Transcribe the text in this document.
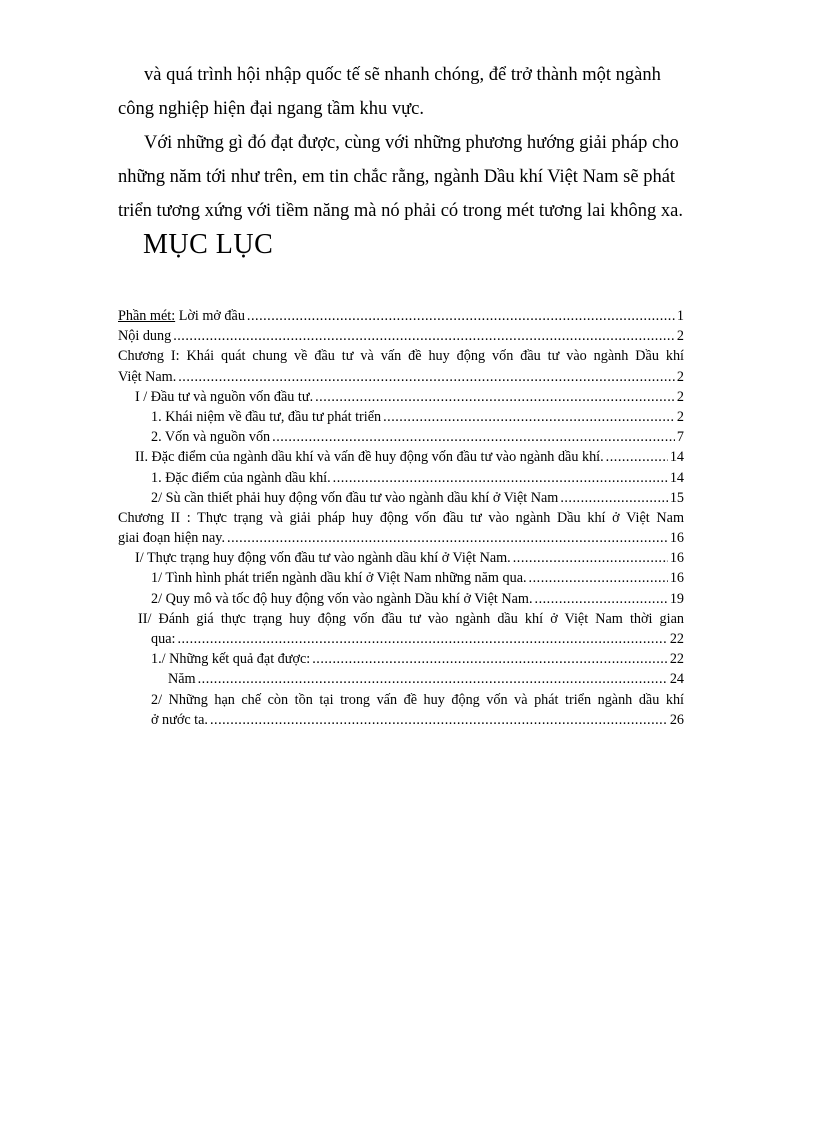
và quá trình hội nhập quốc tế sẽ nhanh chóng, để trở thành một ngành
công nghiệp hiện đại ngang tầm khu vực.

Với những gì đó đạt được, cùng với những phương hướng giải pháp cho
những năm tới như trên, em tin chắc rằng, ngành Dầu khí Việt Nam sẽ phát
triển tương xứng với tiềm năng mà nó phải có trong mét tương lai không xa.

MỤC LỤC
Phần mét: Lời mở đầu .....	1
Nội dung .....	2
Chương I: Khái quát chung về đầu tư và vấn đề huy động vốn đầu tư vào ngành Dầu khí
Việt Nam. .....	2
I / Đầu tư và nguồn vốn đầu tư. .....	2
1. Khái niệm về đầu tư, đầu tư phát triển .....	2
2. Vốn và nguồn vốn .....	7
II. Đặc điểm của ngành dầu khí và vấn đề huy động vốn đầu tư vào ngành dầu khí. .....	14
1. Đặc điểm của ngành dầu khí. .....	14
2/ Sù cần thiết phải huy động vốn đầu tư vào ngành dầu khí ở Việt Nam .....	15
Chương II : Thực trạng và giải pháp huy động vốn đầu tư vào ngành Dầu khí ở Việt Nam
giai đoạn hiện nay. .....	16
I/ Thực trạng huy động vốn đầu tư vào ngành dầu khí ở Việt Nam. .....	16
1/ Tình hình phát triển ngành dầu khí ở Việt Nam những năm qua. .....	16
2/ Quy mô và tốc độ huy động vốn vào ngành Dầu khí ở Việt Nam. .....	19
II/ Đánh giá thực trạng huy động vốn đầu tư vào ngành dầu khí ở Việt Nam thời gian
qua: .....	22
1./ Những kết quả đạt được: .....	22
Năm .....	24
2/ Những hạn chế còn tồn tại trong vấn đề huy động vốn và phát triển ngành dầu khí
ở nước ta. .....	26
